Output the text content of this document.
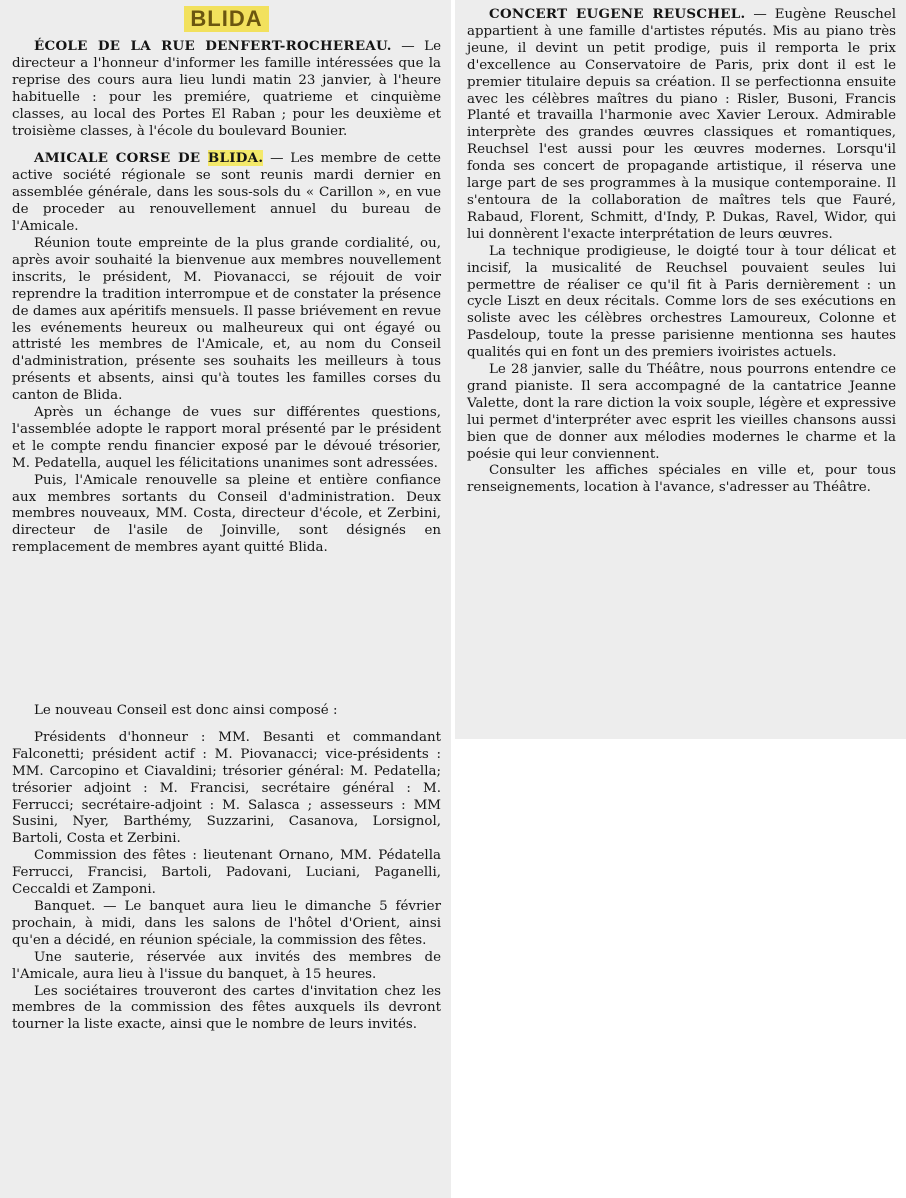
BLIDA

ÉCOLE DE LA RUE DENFERT-ROCHEREAU. — Le directeur a l'honneur d'informer les famille intéressées que la reprise des cours aura lieu lundi matin 23 janvier, à l'heure habituelle : pour les premiére, quatrieme et cinquième classes, au local des Portes El Raban ; pour les deuxième et troisième classes, à l'école du boulevard Bounier.

AMICALE CORSE DE BLIDA. — Les membre de cette active société régionale se sont reunis mardi dernier en assemblée générale, dans les sous-sols du « Carillon », en vue de proceder au renouvellement annuel du bureau de l'Amicale.

Réunion toute empreinte de la plus grande cordialité, ou, après avoir souhaité la bienvenue aux membres nouvellement inscrits, le président, M. Piovanacci, se réjouit de voir reprendre la tradition interrompue et de constater la présence de dames aux apéritifs mensuels. Il passe briévement en revue les evénements heureux ou malheureux qui ont égayé ou attristé les membres de l'Amicale, et, au nom du Conseil d'administration, présente ses souhaits les meilleurs à tous présents et absents, ainsi qu'à toutes les familles corses du canton de Blida.

Après un échange de vues sur différentes questions, l'assemblée adopte le rapport moral présenté par le président et le compte rendu financier exposé par le dévoué trésorier, M. Pedatella, auquel les félicitations unanimes sont adressées.

Puis, l'Amicale renouvelle sa pleine et entière confiance aux membres sortants du Conseil d'administration. Deux membres nouveaux, MM. Costa, directeur d'école, et Zerbini, directeur de l'asile de Joinville, sont désignés en remplacement de membres ayant quitté Blida.

CONCERT EUGENE REUSCHEL. — Eugène Reuschel appartient à une famille d'artistes réputés. Mis au piano très jeune, il devint un petit prodige, puis il remporta le prix d'excellence au Conservatoire de Paris, prix dont il est le premier titulaire depuis sa création. Il se perfectionna ensuite avec les célèbres maîtres du piano : Risler, Busoni, Francis Planté et travailla l'harmonie avec Xavier Leroux. Admirable interprète des grandes œuvres classiques et romantiques, Reuchsel l'est aussi pour les œuvres modernes. Lorsqu'il fonda ses concert de propagande artistique, il réserva une large part de ses programmes à la musique contemporaine. Il s'entoura de la collaboration de maîtres tels que Fauré, Rabaud, Florent, Schmitt, d'Indy, P. Dukas, Ravel, Widor, qui lui donnèrent l'exacte interprétation de leurs œuvres.

La technique prodigieuse, le doigté tour à tour délicat et incisif, la musicalité de Reuchsel pouvaient seules lui permettre de réaliser ce qu'il fit à Paris dernièrement : un cycle Liszt en deux récitals. Comme lors de ses exécutions en soliste avec les célèbres orchestres Lamoureux, Colonne et Pasdeloup, toute la presse parisienne mentionna ses hautes qualités qui en font un des premiers ivoiristes actuels.

Le 28 janvier, salle du Théâtre, nous pourrons entendre ce grand pianiste. Il sera accompagné de la cantatrice Jeanne Valette, dont la rare diction la voix souple, légère et expressive lui permet d'interpréter avec esprit les vieilles chansons aussi bien que de donner aux mélodies modernes le charme et la poésie qui leur conviennent.

Consulter les affiches spéciales en ville et, pour tous renseignements, location à l'avance, s'adresser au Théâtre.

Le nouveau Conseil est donc ainsi composé :

Présidents d'honneur : MM. Besanti et commandant Falconetti; président actif : M. Piovanacci; vice-présidents : MM. Carcopino et Ciavaldini; trésorier général: M. Pedatella; trésorier adjoint : M. Francisi, secrétaire général : M. Ferrucci; secrétaire-adjoint : M. Salasca ; assesseurs : MM Susini, Nyer, Barthémy, Suzzarini, Casanova, Lorsignol, Bartoli, Costa et Zerbini.

Commission des fêtes : lieutenant Ornano, MM. Pédatella Ferrucci, Francisi, Bartoli, Padovani, Luciani, Paganelli, Ceccaldi et Zamponi.

Banquet. — Le banquet aura lieu le dimanche 5 février prochain, à midi, dans les salons de l'hôtel d'Orient, ainsi qu'en a décidé, en réunion spéciale, la commission des fêtes.

Une sauterie, réservée aux invités des membres de l'Amicale, aura lieu à l'issue du banquet, à 15 heures.

Les sociétaires trouveront des cartes d'invitation chez les membres de la commission des fêtes auxquels ils devront tourner la liste exacte, ainsi que le nombre de leurs invités.
